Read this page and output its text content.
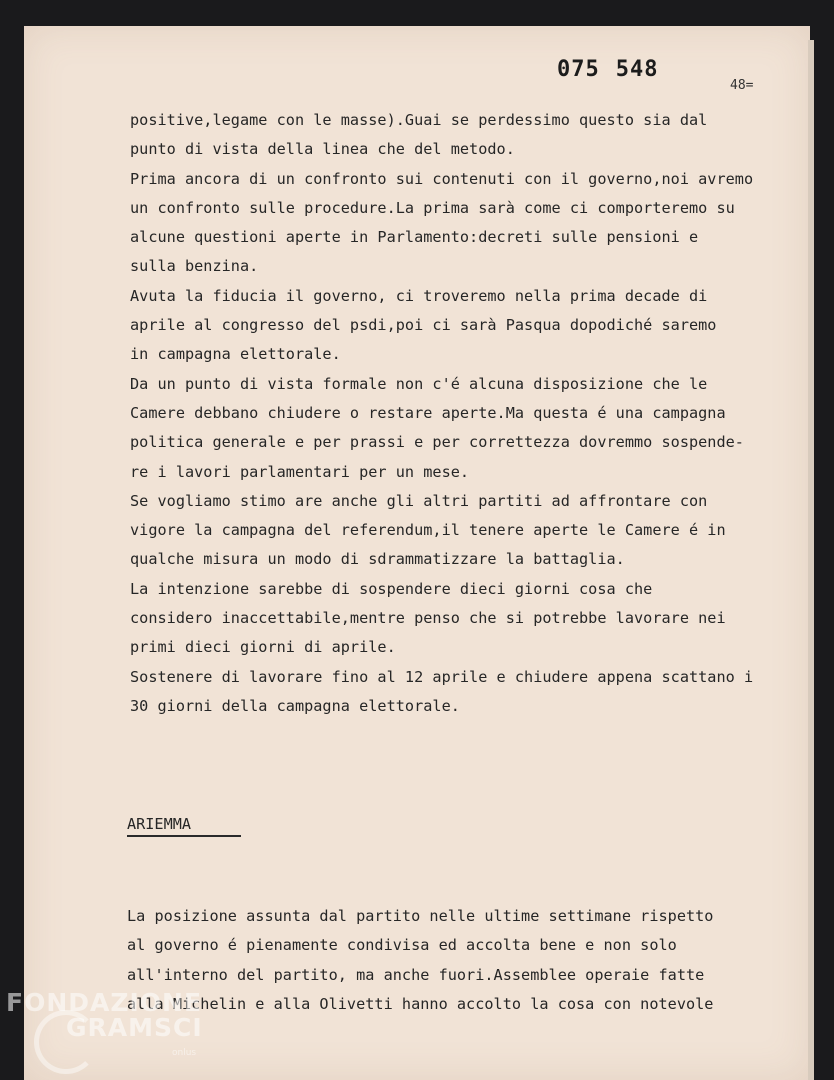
075 548
48=
positive,legame con le masse).Guai se perdessimo questo sia dal
punto di vista della linea che del metodo.
Prima ancora di un confronto sui contenuti con il governo,noi avremo
un confronto sulle procedure.La prima sarà come ci comporteremo su
alcune questioni aperte in Parlamento:decreti sulle pensioni e
sulla benzina.
Avuta la fiducia il governo, ci troveremo nella prima decade di
aprile al congresso del psdi,poi ci sarà Pasqua dopodiché saremo
in campagna elettorale.
Da un punto di vista formale non c'é alcuna disposizione che le
Camere debbano chiudere o restare aperte.Ma questa é una campagna
politica generale e per prassi e per correttezza dovremmo sospende-
re i lavori parlamentari per un mese.
Se vogliamo stimo are anche gli altri partiti ad affrontare con
vigore la campagna del referendum,il tenere aperte le Camere é in
qualche misura un modo di sdrammatizzare la battaglia.
La intenzione sarebbe di sospendere dieci giorni cosa che
considero inaccettabile,mentre penso che si potrebbe lavorare nei
primi dieci giorni di aprile.
Sostenere di lavorare fino al 12 aprile e chiudere appena scattano i
30 giorni della campagna elettorale.
ARIEMMA
La posizione assunta dal partito nelle ultime settimane rispetto
al governo é pienamente condivisa ed accolta bene e non solo
all'interno del partito, ma anche fuori.Assemblee operaie fatte
alla Michelin e alla Olivetti hanno accolto la cosa con notevole
FONDAZIONE
GRAMSCI
onlus
